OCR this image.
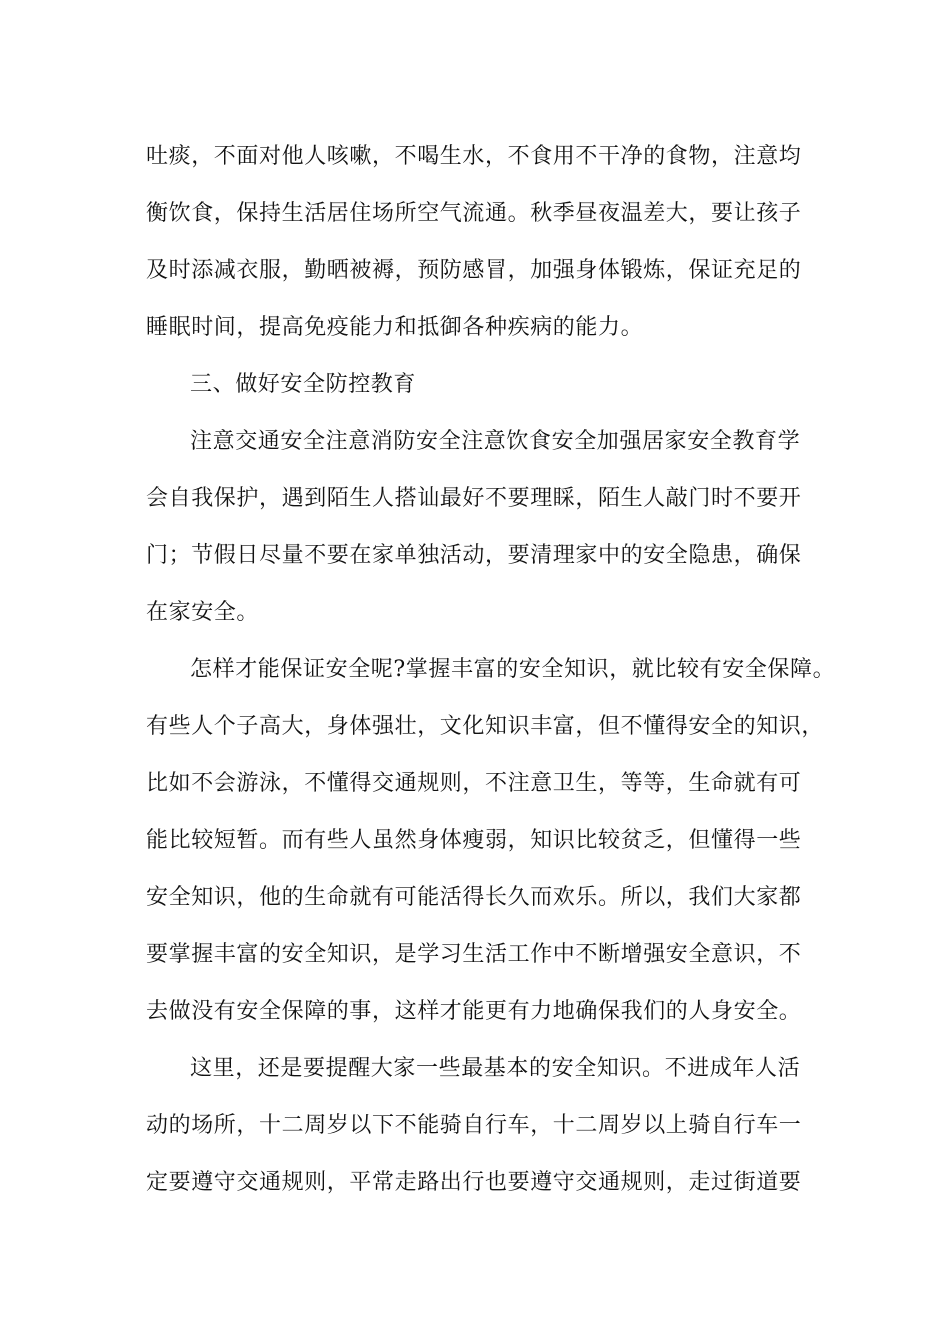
吐痰，不面对他人咳嗽，不喝生水，不食用不干净的食物，注意均
衡饮食，保持生活居住场所空气流通。秋季昼夜温差大，要让孩子
及时添减衣服，勤晒被褥，预防感冒，加强身体锻炼，保证充足的
睡眠时间，提高免疫能力和抵御各种疾病的能力。
三、做好安全防控教育
注意交通安全注意消防安全注意饮食安全加强居家安全教育学
会自我保护，遇到陌生人搭讪最好不要理睬，陌生人敲门时不要开
门；节假日尽量不要在家单独活动，要清理家中的安全隐患，确保
在家安全。
怎样才能保证安全呢?掌握丰富的安全知识，就比较有安全保障。
有些人个子高大，身体强壮，文化知识丰富，但不懂得安全的知识，
比如不会游泳，不懂得交通规则，不注意卫生，等等，生命就有可
能比较短暂。而有些人虽然身体瘦弱，知识比较贫乏，但懂得一些
安全知识，他的生命就有可能活得长久而欢乐。所以，我们大家都
要掌握丰富的安全知识，是学习生活工作中不断增强安全意识，不
去做没有安全保障的事，这样才能更有力地确保我们的人身安全。
这里，还是要提醒大家一些最基本的安全知识。不进成年人活
动的场所，十二周岁以下不能骑自行车，十二周岁以上骑自行车一
定要遵守交通规则，平常走路出行也要遵守交通规则，走过街道要
